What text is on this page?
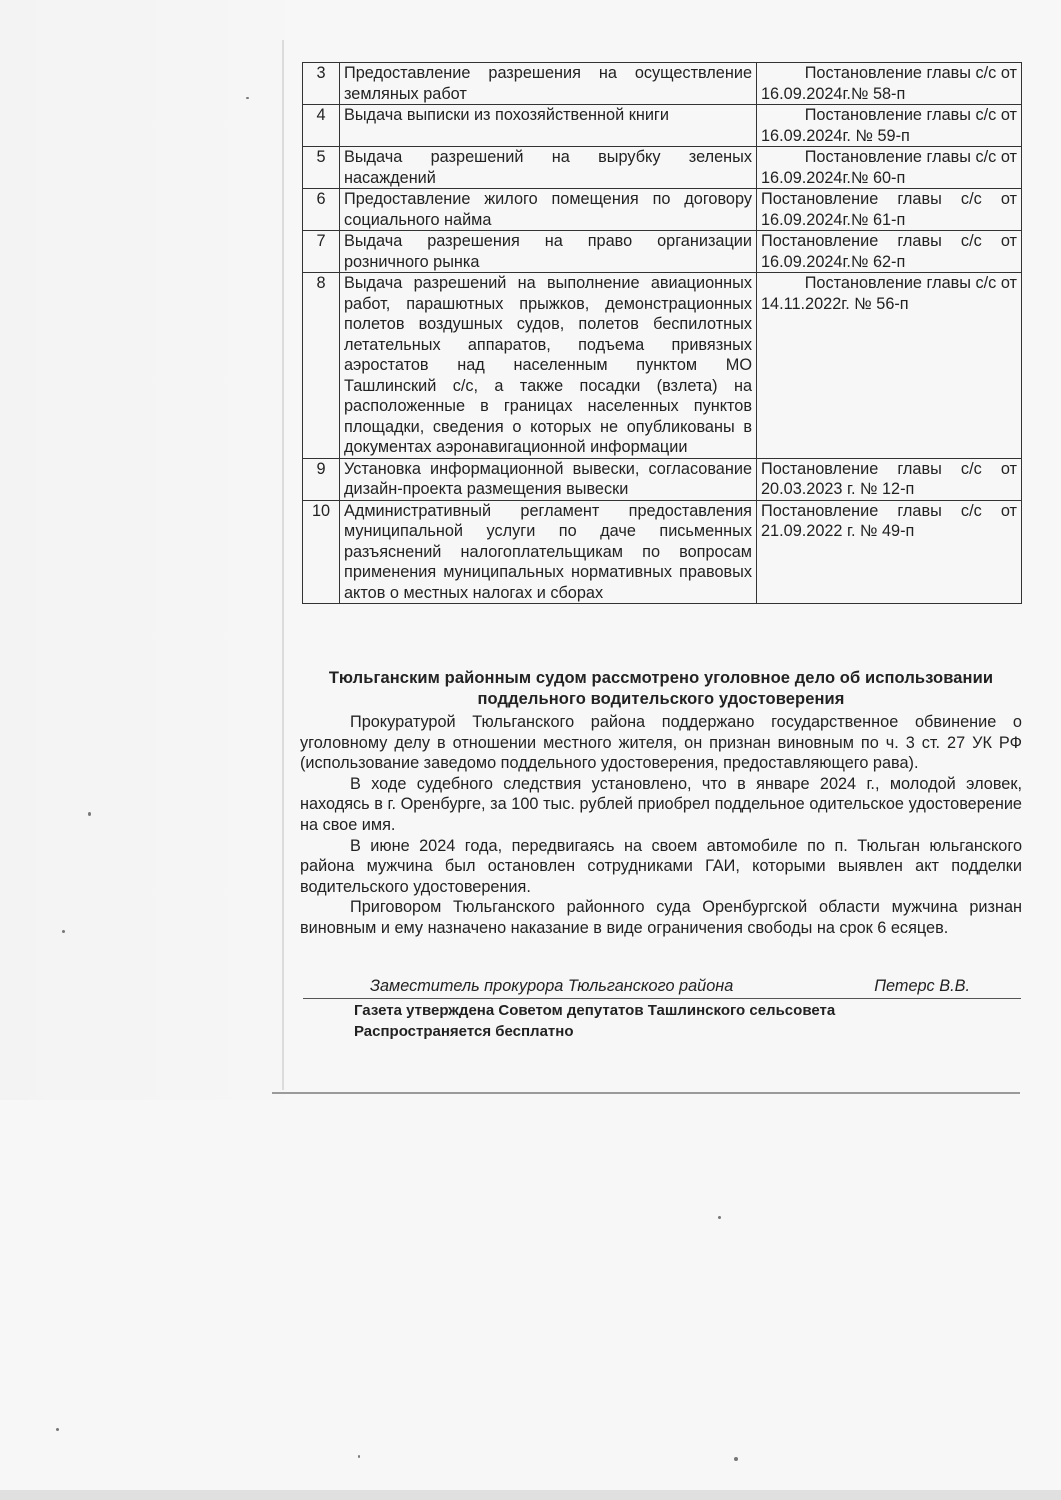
3	Предоставление разрешения на осуществление земляных работ	Постановление главы с/с от 16.09.2024г.№ 58-п
4	Выдача выписки из похозяйственной книги	Постановление главы с/с от 16.09.2024г. № 59-п
5	Выдача разрешений на вырубку зеленых насаждений	Постановление главы с/с от 16.09.2024г.№ 60-п
6	Предоставление жилого помещения по договору социального найма	Постановление главы с/с от 16.09.2024г.№ 61-п
7	Выдача разрешения на право организации розничного рынка	Постановление главы с/с от 16.09.2024г.№ 62-п
8	Выдача разрешений на выполнение авиационных работ, парашютных прыжков, демонстрационных полетов воздушных судов, полетов беспилотных летательных аппаратов, подъема привязных аэростатов над населенным пунктом МО Ташлинский с/с, а также посадки (взлета) на расположенные в границах населенных пунктов площадки, сведения о которых не опубликованы в документах аэронавигационной информации	Постановление главы с/с от 14.11.2022г. № 56-п
9	Установка информационной вывески, согласование дизайн-проекта размещения вывески	Постановление главы с/с от 20.03.2023 г. № 12-п
10	Административный регламент предоставления муниципальной услуги по даче письменных разъяснений налогоплательщикам по вопросам применения муниципальных нормативных правовых актов о местных налогах и сборах	Постановление главы с/с от 21.09.2022 г. № 49-п
Тюльганским районным судом рассмотрено уголовное дело об использовании поддельного водительского удостоверения

Прокуратурой Тюльганского района поддержано государственное обвинение о уголовному делу в отношении местного жителя, он признан виновным по ч. 3 ст. 27 УК РФ (использование заведомо поддельного удостоверения, предоставляющего рава).

В ходе судебного следствия установлено, что в январе 2024 г., молодой эловек, находясь в г. Оренбурге, за 100 тыс. рублей приобрел поддельное одительское удостоверение на свое имя.

В июне 2024 года, передвигаясь на своем автомобиле по п. Тюльган юльганского района мужчина был остановлен сотрудниками ГАИ, которыми выявлен акт подделки водительского удостоверения.

Приговором Тюльганского районного суда Оренбургской области мужчина ризнан виновным и ему назначено наказание в виде ограничения свободы на срок 6 есяцев.

Заместитель прокурора Тюльганского района	Петерс В.В.
Газета утверждена Советом депутатов Ташлинского сельсовета
Распространяется бесплатно
